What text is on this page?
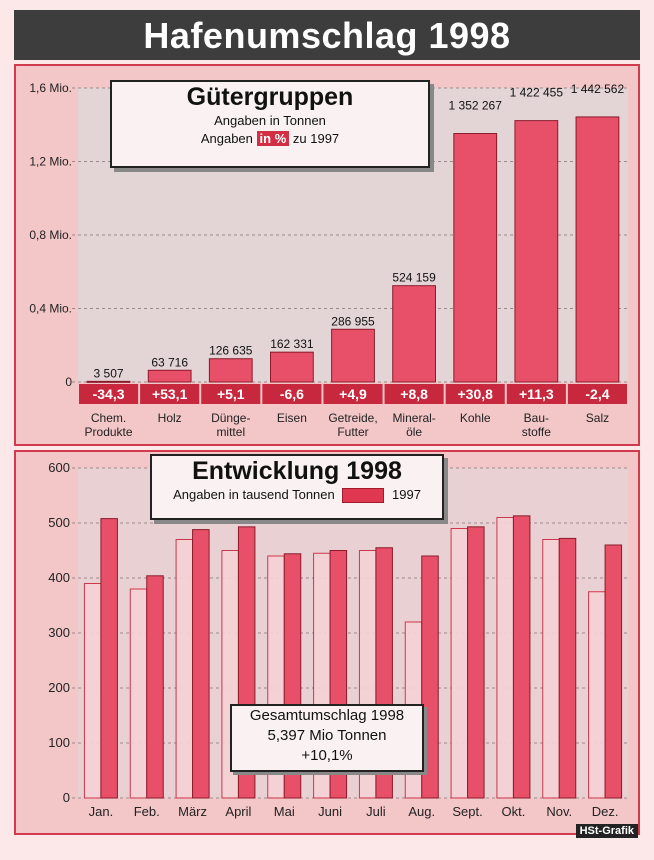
Hafenumschlag 1998
0
0,4 Mio.
0,8 Mio.
1,2 Mio.
1,6 Mio.
3 507
-34,3
Chem.
Produkte
63 716
+53,1
Holz
126 635
+5,1
Dünge-
mittel
162 331
-6,6
Eisen
286 955
+4,9
Getreide,
Futter
524 159
+8,8
Mineral-
öle
1 352 267
+30,8
Kohle
1 422 455
+11,3
Bau-
stoffe
1 442 562
-2,4
Salz
Gütergruppen
Angaben in Tonnen
Angaben in % zu 1997
0
100
200
300
400
500
600
Jan. Feb. März April Mai Juni Juli Aug. Sept. Okt. Nov. Dez.
Entwicklung 1998
Angaben in tausend Tonnen	1997
Gesamtumschlag 1998
5,397 Mio Tonnen
+10,1%
HSt-Grafik
